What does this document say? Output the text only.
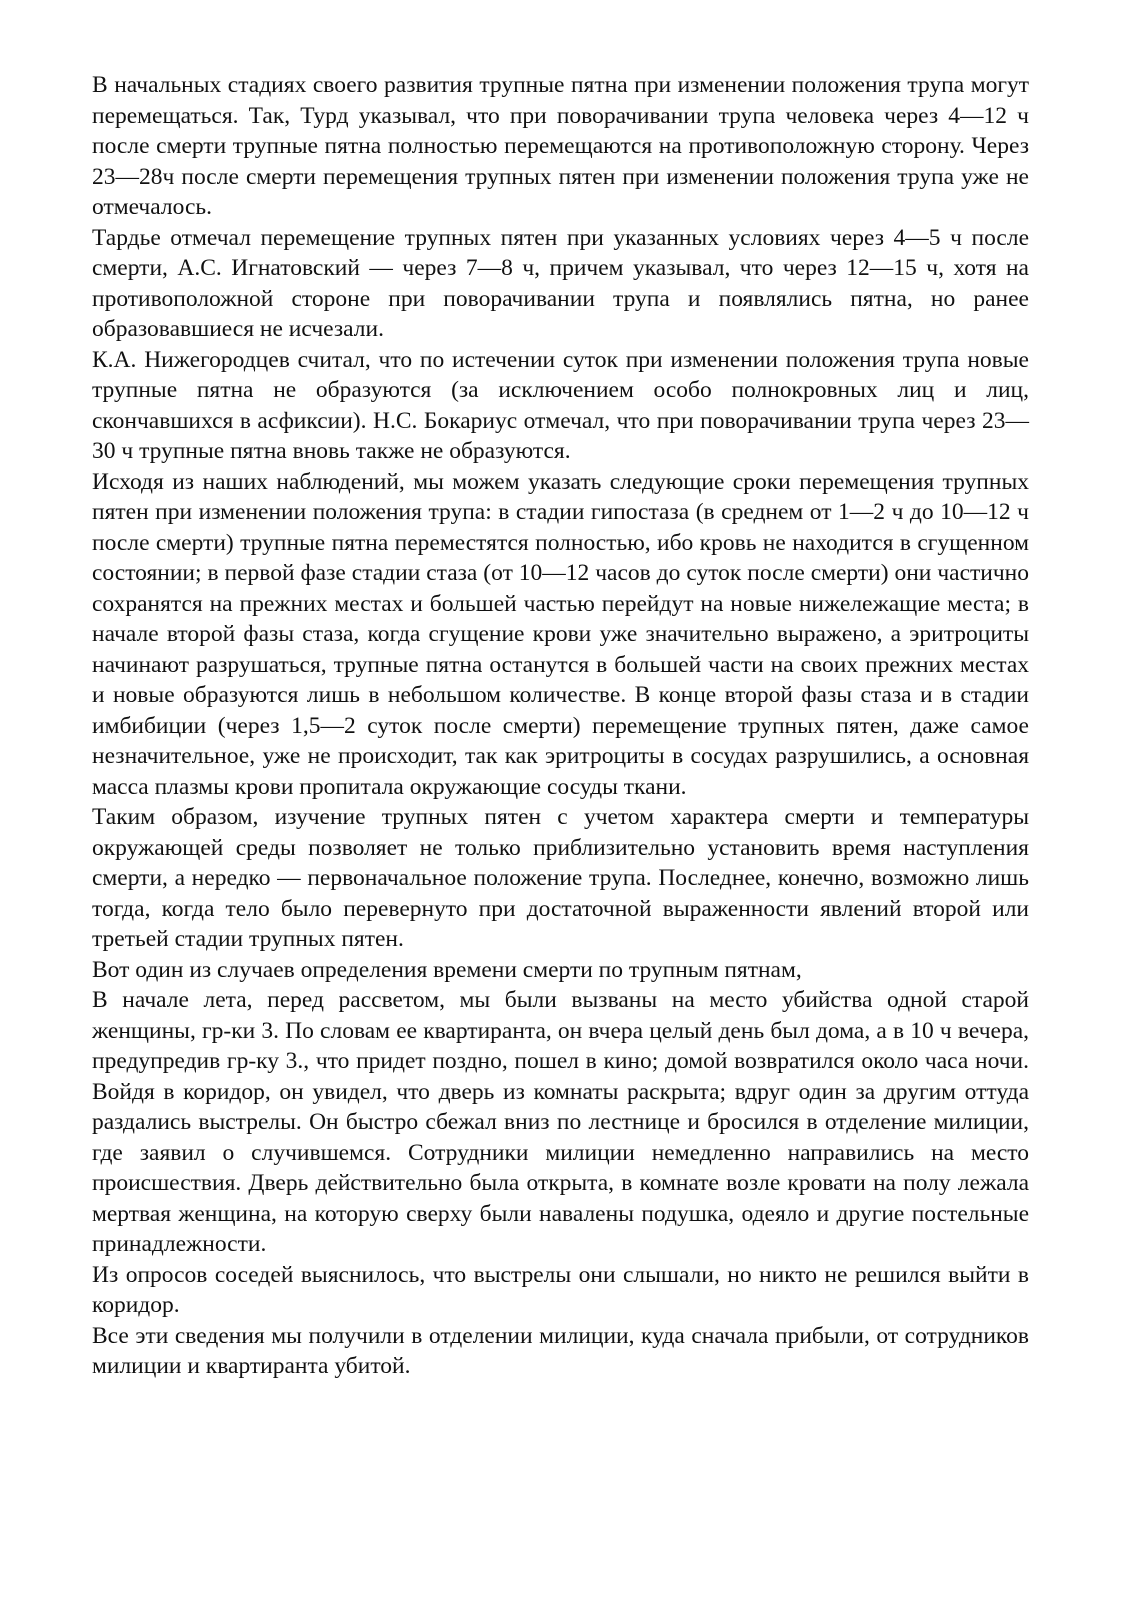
В начальных стадиях своего развития трупные пятна при изменении положения трупа могут перемещаться. Так, Турд указывал, что при поворачивании трупа человека через 4—12 ч после смерти трупные пятна полностью перемещаются на противоположную сторону. Через 23—28ч после смерти перемещения трупных пятен при изменении положения трупа уже не отмечалось.

Тардье отмечал перемещение трупных пятен при указанных условиях через 4—5 ч после смерти, А.С. Игнатовский — через 7—8 ч, причем указывал, что через 12—15 ч, хотя на противоположной стороне при поворачивании трупа и появлялись пятна, но ранее образовавшиеся не исчезали.

К.А. Нижегородцев считал, что по истечении суток при изменении положения трупа новые трупные пятна не образуются (за исключением особо полнокровных лиц и лиц, скончавшихся в асфиксии). Н.С. Бокариус отмечал, что при поворачивании трупа через 23—30 ч трупные пятна вновь также не образуются.

Исходя из наших наблюдений, мы можем указать следующие сроки перемещения трупных пятен при изменении положения трупа: в стадии гипостаза (в среднем от 1—2 ч до 10—12 ч после смерти) трупные пятна переместятся полностью, ибо кровь не находится в сгущенном состоянии; в первой фазе стадии стаза (от 10—12 часов до суток после смерти) они частично сохранятся на прежних местах и большей частью перейдут на новые нижележащие места; в начале второй фазы стаза, когда сгущение крови уже значительно выражено, а эритроциты начинают разрушаться, трупные пятна останутся в большей части на своих прежних местах и новые образуются лишь в небольшом количестве. В конце второй фазы стаза и в стадии имбибиции (через 1,5—2 суток после смерти) перемещение трупных пятен, даже самое незначительное, уже не происходит, так как эритроциты в сосудах разрушились, а основная масса плазмы крови пропитала окружающие сосуды ткани.

Таким образом, изучение трупных пятен с учетом характера смерти и температуры окружающей среды позволяет не только приблизительно установить время наступления смерти, а нередко — первоначальное положение трупа. Последнее, конечно, возможно лишь тогда, когда тело было перевернуто при достаточной выраженности явлений второй или третьей стадии трупных пятен.

Вот один из случаев определения времени смерти по трупным пятнам,

В начале лета, перед рассветом, мы были вызваны на место убийства одной старой женщины, гр-ки 3. По словам ее квартиранта, он вчера целый день был дома, а в 10 ч вечера, предупредив гр-ку 3., что придет поздно, пошел в кино; домой возвратился около часа ночи. Войдя в коридор, он увидел, что дверь из комнаты раскрыта; вдруг один за другим оттуда раздались выстрелы. Он быстро сбежал вниз по лестнице и бросился в отделение милиции, где заявил о случившемся. Сотрудники милиции немедленно направились на место происшествия. Дверь действительно была открыта, в комнате возле кровати на полу лежала мертвая женщина, на которую сверху были навалены подушка, одеяло и другие постельные принадлежности.

Из опросов соседей выяснилось, что выстрелы они слышали, но никто не решился выйти в коридор.

Все эти сведения мы получили в отделении милиции, куда сначала прибыли, от сотрудников милиции и квартиранта убитой.
